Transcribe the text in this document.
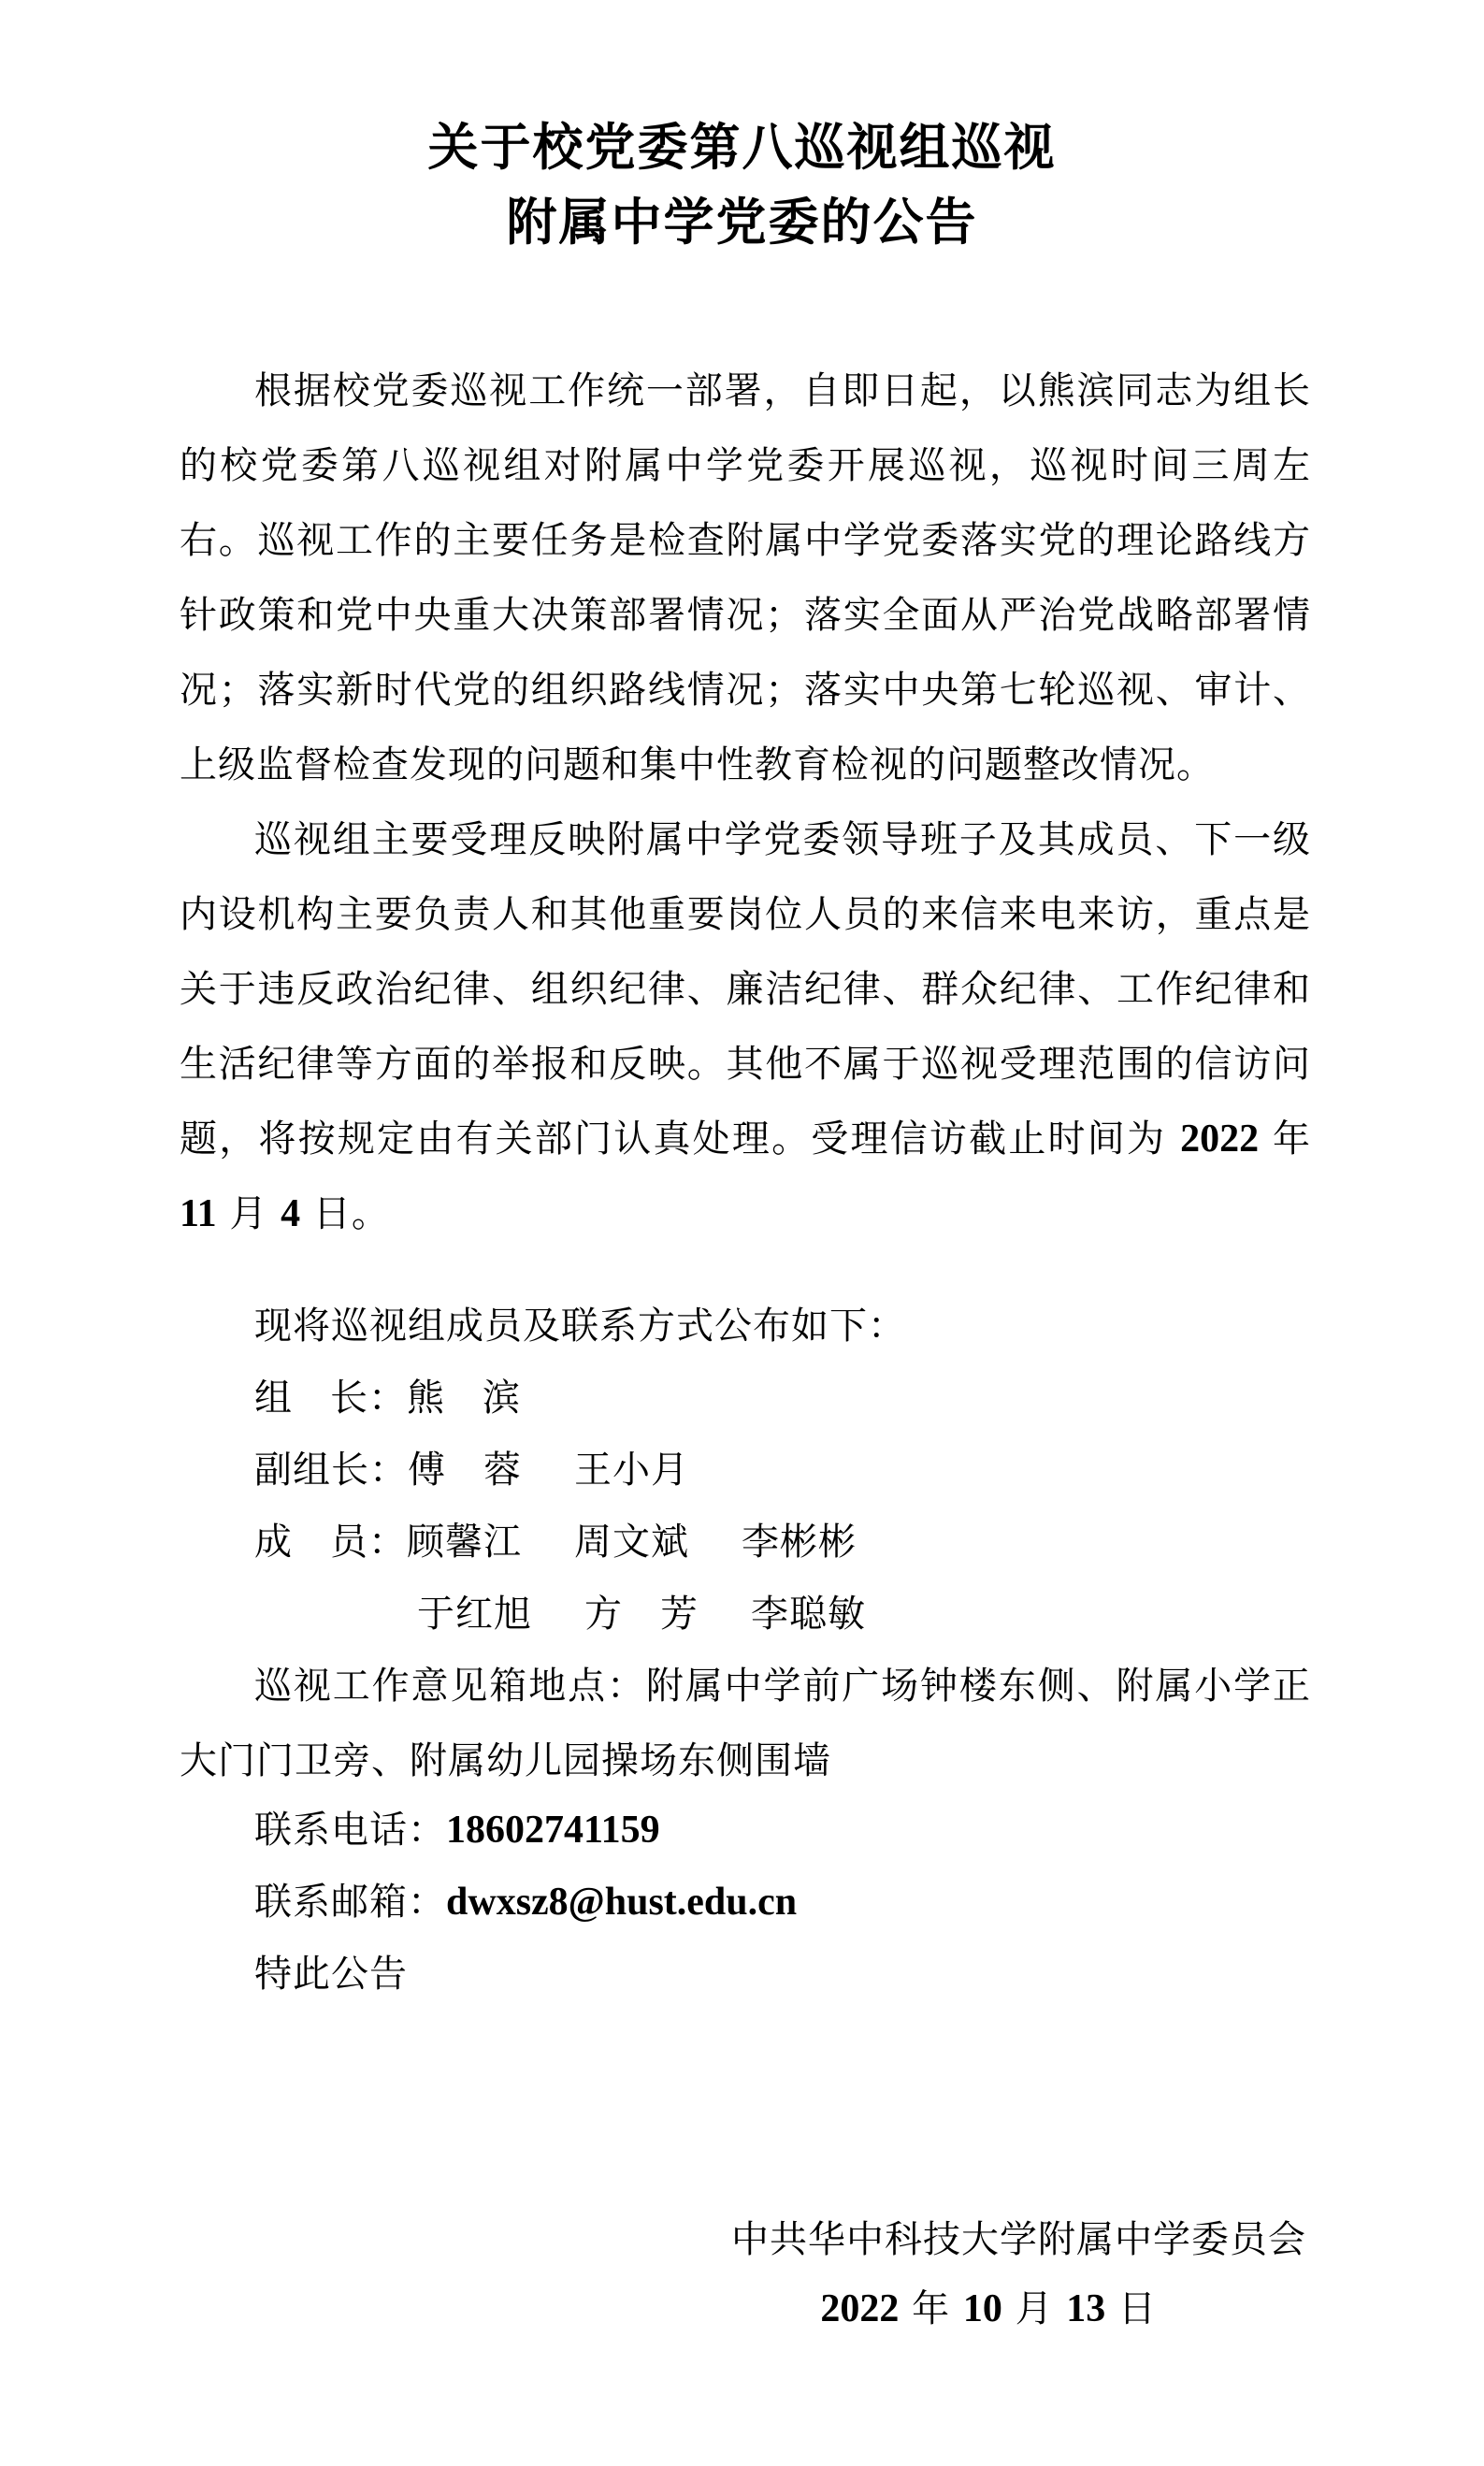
关于校党委第八巡视组巡视
附属中学党委的公告

根据校党委巡视工作统一部署，自即日起，以熊滨同志为组长的校党委第八巡视组对附属中学党委开展巡视，巡视时间三周左右。巡视工作的主要任务是检查附属中学党委落实党的理论路线方针政策和党中央重大决策部署情况；落实全面从严治党战略部署情况；落实新时代党的组织路线情况；落实中央第七轮巡视、审计、上级监督检查发现的问题和集中性教育检视的问题整改情况。

巡视组主要受理反映附属中学党委领导班子及其成员、下一级内设机构主要负责人和其他重要岗位人员的来信来电来访，重点是关于违反政治纪律、组织纪律、廉洁纪律、群众纪律、工作纪律和生活纪律等方面的举报和反映。其他不属于巡视受理范围的信访问题，将按规定由有关部门认真处理。受理信访截止时间为 2022 年 11 月 4 日。

现将巡视组成员及联系方式公布如下：
组 长：熊 滨
副组长：傅 蓉 王小月
成 员：顾馨江 周文斌 李彬彬
于红旭 方 芳 李聪敏

巡视工作意见箱地点：附属中学前广场钟楼东侧、附属小学正大门门卫旁、附属幼儿园操场东侧围墙

联系电话：18602741159
联系邮箱：dwxsz8@hust.edu.cn
特此公告
中共华中科技大学附属中学委员会
2022 年 10 月 13 日
